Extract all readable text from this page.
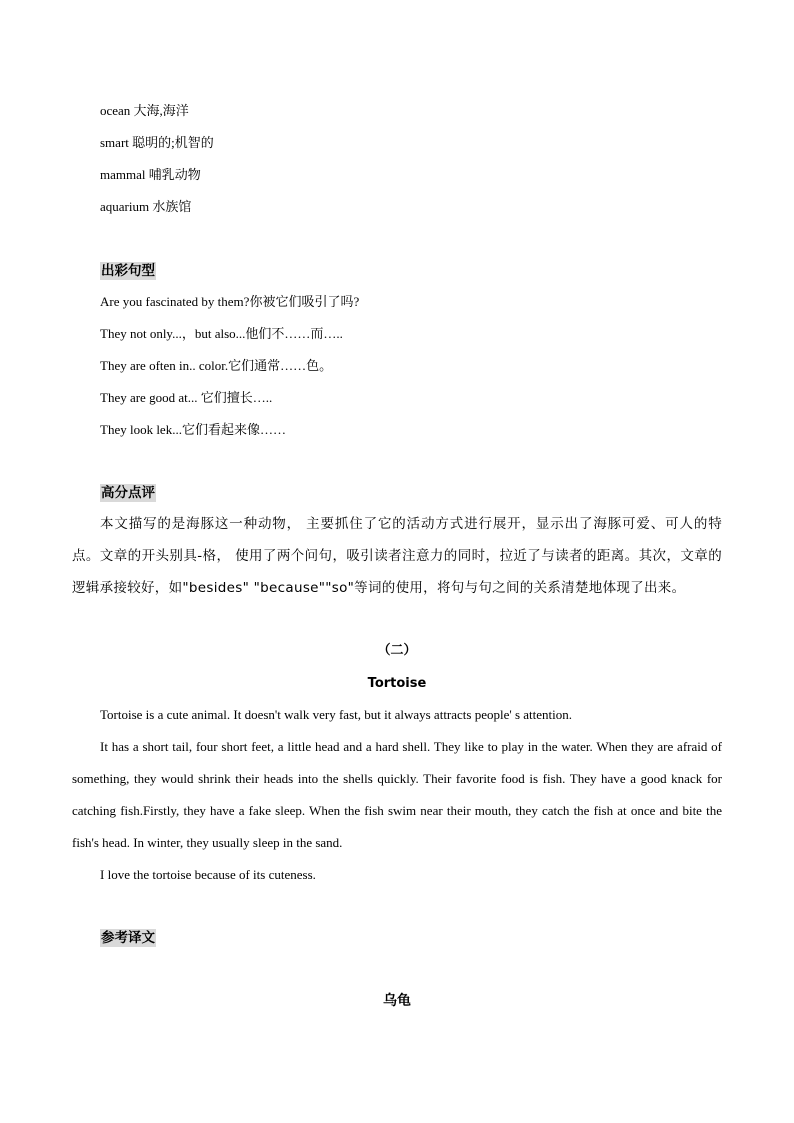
ocean 大海,海洋
smart 聪明的;机智的
mammal 哺乳动物
aquarium 水族馆
出彩句型
Are you fascinated by them?你被它们吸引了吗?
They not only...，but also...他们不……而…..
They are often in.. color.它们通常……色。
They are good at... 它们擅长…..
They look lek...它们看起来像……
高分点评
本文描写的是海豚这一种动物， 主要抓住了它的活动方式进行展开，显示出了海豚可爱、可人的特点。文章的开头别具-格， 使用了两个问句，吸引读者注意力的同时，拉近了与读者的距离。其次，文章的逻辑承接较好，如"besides" "because""so"等词的使用，将句与句之间的关系清楚地体现了出来。
（二）
Tortoise
Tortoise is a cute animal. It doesn't walk very fast, but it always attracts people' s attention.
It has a short tail, four short feet, a little head and a hard shell. They like to play in the water. When they are afraid of something, they would shrink their heads into the shells quickly. Their favorite food is fish. They have a good knack for catching fish.Firstly, they have a fake sleep. When the fish swim near their mouth, they catch the fish at once and bite the fish's head. In winter, they usually sleep in the sand.
I love the tortoise because of its cuteness.
参考译文
乌龟
